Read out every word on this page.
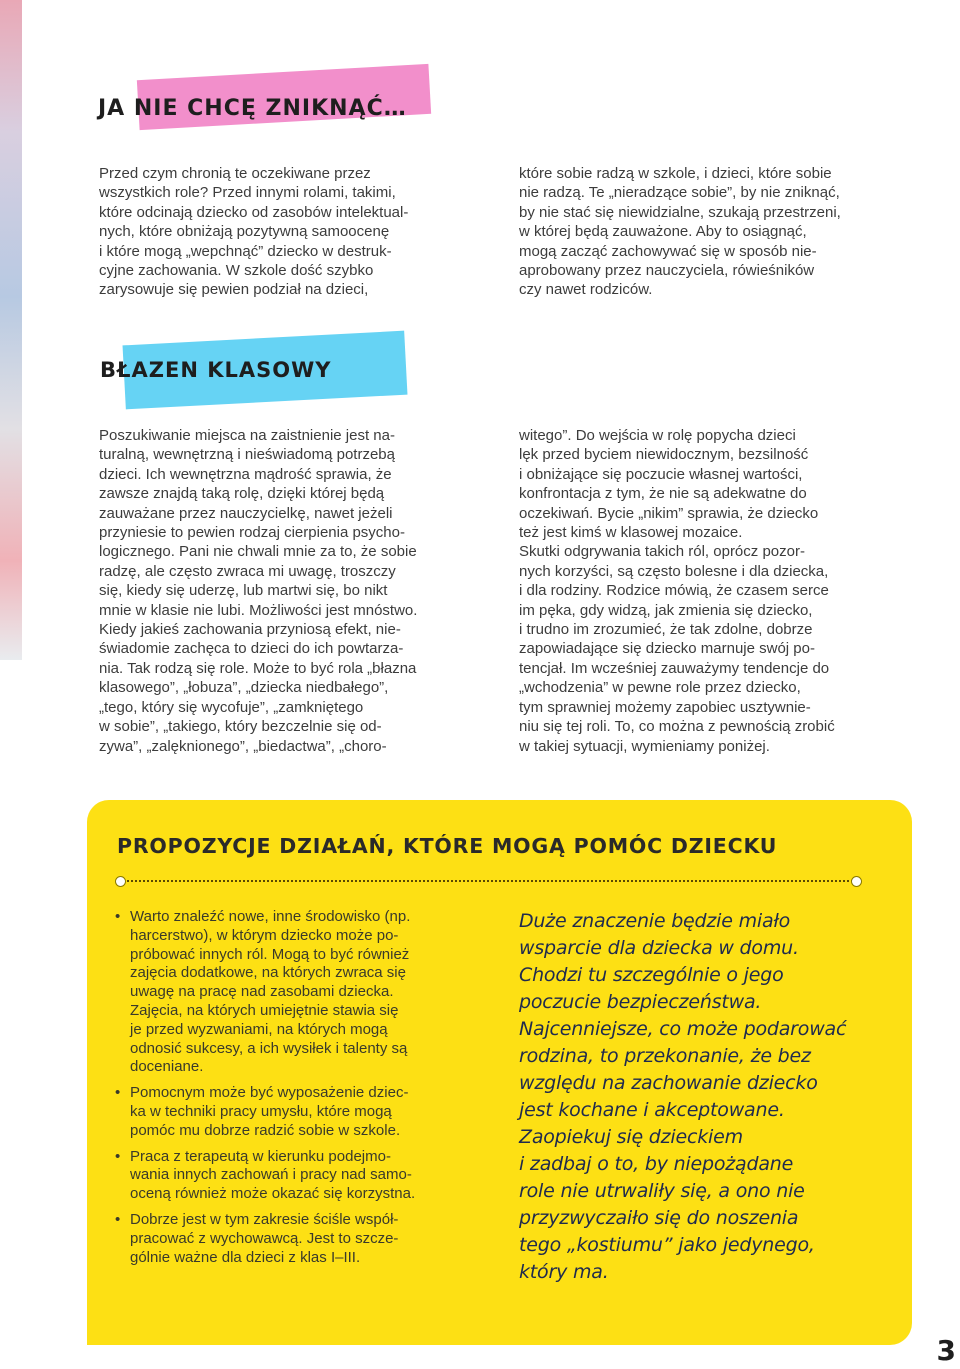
JA NIE CHCĘ ZNIKNĄĆ…
Przed czym chronią te oczekiwane przez
wszystkich role? Przed innymi rolami, takimi,
które odcinają dziecko od zasobów intelektual-
nych, które obniżają pozytywną samoocenę
i które mogą „wepchnąć” dziecko w destruk-
cyjne zachowania. W szkole dość szybko
zarysowuje się pewien podział na dzieci,
które sobie radzą w szkole, i dzieci, które sobie
nie radzą. Te „nieradzące sobie”, by nie zniknąć,
by nie stać się niewidzialne, szukają przestrzeni,
w której będą zauważone. Aby to osiągnąć,
mogą zacząć zachowywać się w sposób nie-
aprobowany przez nauczyciela, rówieśników
czy nawet rodziców.
BŁAZEN KLASOWY
Poszukiwanie miejsca na zaistnienie jest na-
turalną, wewnętrzną i nieświadomą potrzebą
dzieci. Ich wewnętrzna mądrość sprawia, że
zawsze znajdą taką rolę, dzięki której będą
zauważane przez nauczycielkę, nawet jeżeli
przyniesie to pewien rodzaj cierpienia psycho-
logicznego. Pani nie chwali mnie za to, że sobie
radzę, ale często zwraca mi uwagę, troszczy
się, kiedy się uderzę, lub martwi się, bo nikt
mnie w klasie nie lubi. Możliwości jest mnóstwo.
Kiedy jakieś zachowania przyniosą efekt, nie-
świadomie zachęca to dzieci do ich powtarza-
nia. Tak rodzą się role. Może to być rola „błazna
klasowego”, „łobuza”, „dziecka niedbałego”,
„tego, który się wycofuje”, „zamkniętego
w sobie”, „takiego, który bezczelnie się od-
zywa”, „zalęknionego”, „biedactwa”, „choro-
witego”. Do wejścia w rolę popycha dzieci
lęk przed byciem niewidocznym, bezsilność
i obniżające się poczucie własnej wartości,
konfrontacja z tym, że nie są adekwatne do
oczekiwań. Bycie „nikim” sprawia, że dziecko
też jest kimś w klasowej mozaice.
Skutki odgrywania takich ról, oprócz pozor-
nych korzyści, są często bolesne i dla dziecka,
i dla rodziny. Rodzice mówią, że czasem serce
im pęka, gdy widzą, jak zmienia się dziecko,
i trudno im zrozumieć, że tak zdolne, dobrze
zapowiadające się dziecko marnuje swój po-
tencjał. Im wcześniej zauważymy tendencje do
„wchodzenia” w pewne role przez dziecko,
tym sprawniej możemy zapobiec usztywnie-
niu się tej roli. To, co można z pewnością zrobić
w takiej sytuacji, wymieniamy poniżej.
PROPOZYCJE DZIAŁAŃ, KTÓRE MOGĄ POMÓC DZIECKU
• Warto znaleźć nowe, inne środowisko (np.
harcerstwo), w którym dziecko może po-
próbować innych ról. Mogą to być również
zajęcia dodatkowe, na których zwraca się
uwagę na pracę nad zasobami dziecka.
Zajęcia, na których umiejętnie stawia się
je przed wyzwaniami, na których mogą
odnosić sukcesy, a ich wysiłek i talenty są
doceniane.
• Pomocnym może być wyposażenie dziec-
ka w techniki pracy umysłu, które mogą
pomóc mu dobrze radzić sobie w szkole.
• Praca z terapeutą w kierunku podejmo-
wania innych zachowań i pracy nad samo-
oceną również może okazać się korzystna.
• Dobrze jest w tym zakresie ściśle współ-
pracować z wychowawcą. Jest to szcze-
gólnie ważne dla dzieci z klas I–III.
Duże znaczenie będzie miało
wsparcie dla dziecka w domu.
Chodzi tu szczególnie o jego
poczucie bezpieczeństwa.
Najcenniejsze, co może podarować
rodzina, to przekonanie, że bez
względu na zachowanie dziecko
jest kochane i akceptowane.
Zaopiekuj się dzieckiem
i zadbaj o to, by niepożądane
role nie utrwaliły się, a ono nie
przyzwyczaiło się do noszenia
tego „kostiumu” jako jedynego,
który ma.
3
